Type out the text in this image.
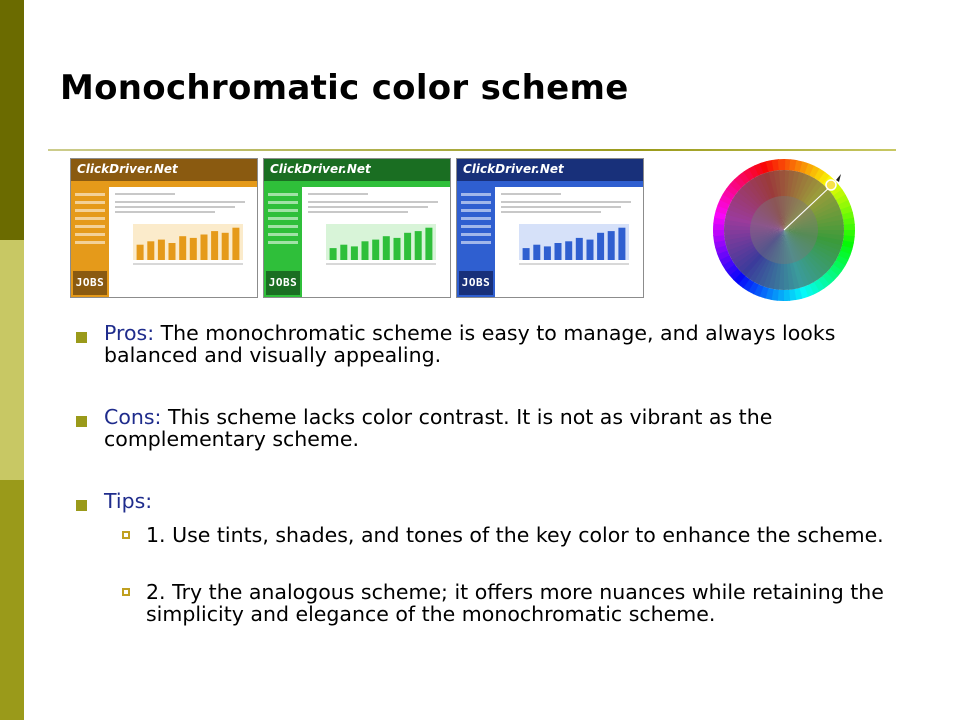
Monochromatic color scheme
ClickDriver.Net
JOBS
ClickDriver.Net
JOBS
ClickDriver.Net
JOBS
Pros: The monochromatic scheme is easy to manage, and always looks balanced and visually appealing.
Cons: This scheme lacks color contrast. It is not as vibrant as the complementary scheme.
Tips:
1. Use tints, shades, and tones of the key color to enhance the scheme.
2. Try the analogous scheme; it offers more nuances while retaining the simplicity and elegance of the monochromatic scheme.
